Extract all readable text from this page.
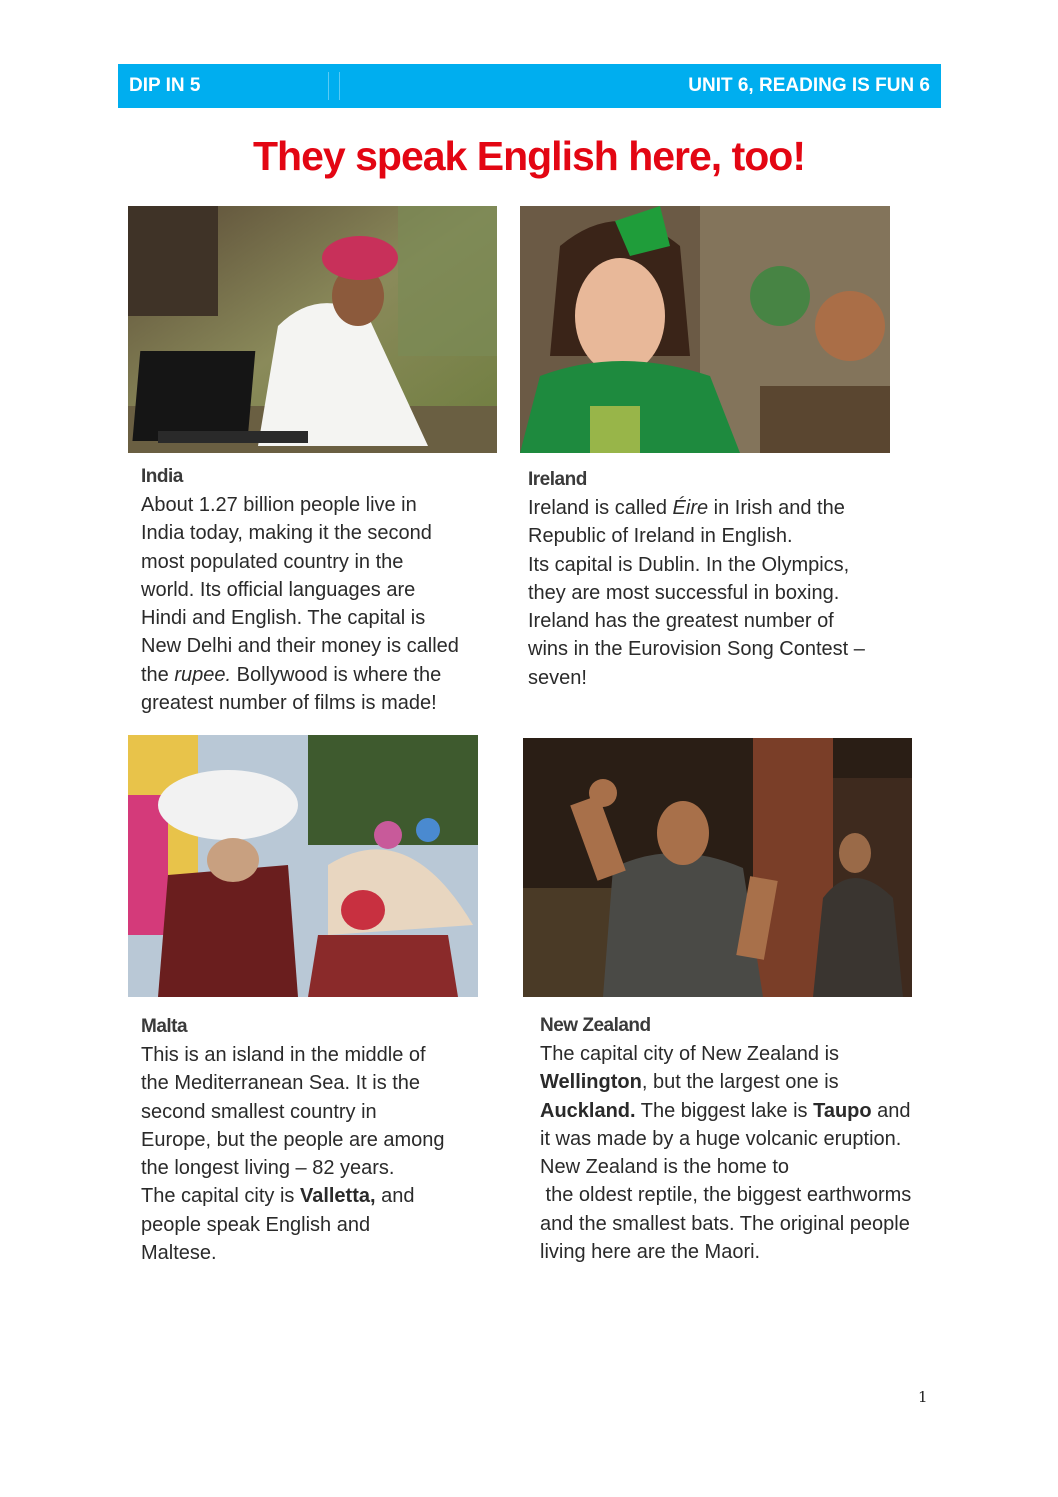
DIP IN 5	UNIT 6, READING IS FUN 6
They speak English here, too!
India

About 1.27 billion people live in

India today, making it the second

most populated country in the

world. Its official languages are

Hindi and English. The capital is

New Delhi and their money is called

the rupee. Bollywood is where the

greatest number of films is made!

Ireland

Ireland is called Éire in Irish and the

Republic of Ireland in English.

Its capital is Dublin. In the Olympics,

they are most successful in boxing.

Ireland has the greatest number of

wins in the Eurovision Song Contest –

seven!

Malta

This is an island in the middle of

the Mediterranean Sea. It is the

second smallest country in

Europe, but the people are among

the longest living – 82 years.

The capital city is Valletta, and

people speak English and

Maltese.

New Zealand

The capital city of New Zealand is

Wellington, but the largest one is

Auckland. The biggest lake is Taupo and

it was made by a huge volcanic eruption.

New Zealand is the home to

the oldest reptile, the biggest earthworms

and the smallest bats. The original people

living here are the Maori.

1
